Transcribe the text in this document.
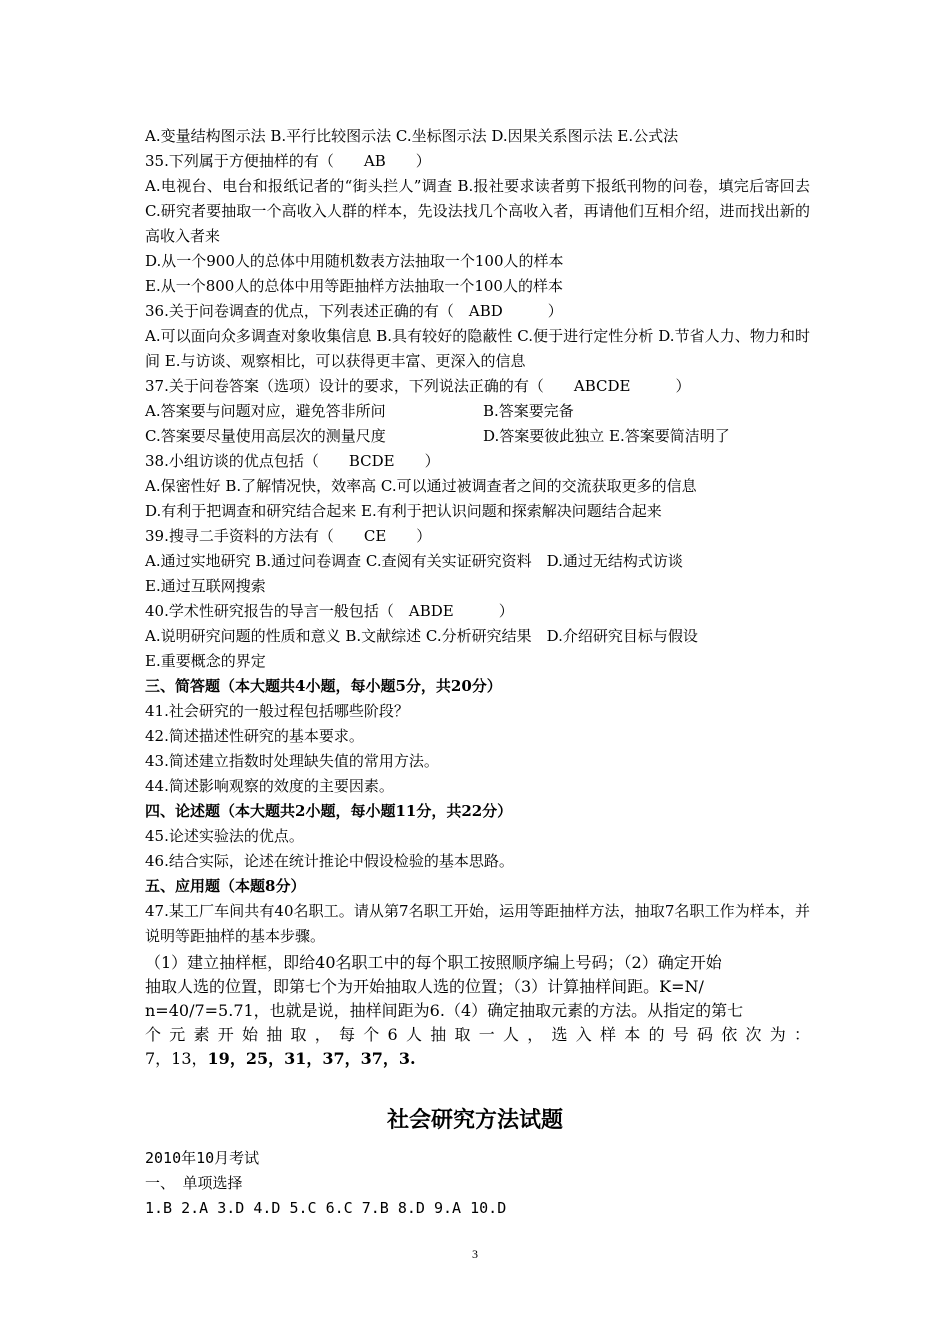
A.变量结构图示法 B.平行比较图示法 C.坐标图示法 D.因果关系图示法 E.公式法
35.下列属于方便抽样的有（　　AB　　）
A.电视台、电台和报纸记者的“街头拦人”调查 B.报社要求读者剪下报纸刊物的问卷，填完后寄回去 C.研究者要抽取一个高收入人群的样本，先设法找几个高收入者，再请他们互相介绍，进而找出新的高收入者来
D.从一个900人的总体中用随机数表方法抽取一个100人的样本
E.从一个800人的总体中用等距抽样方法抽取一个100人的样本
36.关于问卷调查的优点，下列表述正确的有（　ABD　　　）
A.可以面向众多调查对象收集信息 B.具有较好的隐蔽性 C.便于进行定性分析 D.节省人力、物力和时间 E.与访谈、观察相比，可以获得更丰富、更深入的信息
37.关于问卷答案（选项）设计的要求，下列说法正确的有（　　ABCDE　　　）
A.答案要与问题对应，避免答非所问	B.答案要完备
C.答案要尽量使用高层次的测量尺度	D.答案要彼此独立 E.答案要简洁明了
38.小组访谈的优点包括（　　BCDE　　）
A.保密性好 B.了解情况快，效率高 C.可以通过被调查者之间的交流获取更多的信息
D.有利于把调查和研究结合起来 E.有利于把认识问题和探索解决问题结合起来
39.搜寻二手资料的方法有（　　CE　　）
A.通过实地研究 B.通过问卷调查 C.查阅有关实证研究资料　D.通过无结构式访谈
E.通过互联网搜索
40.学术性研究报告的导言一般包括（　ABDE　　　）
A.说明研究问题的性质和意义 B.文献综述 C.分析研究结果　D.介绍研究目标与假设
E.重要概念的界定
三、简答题（本大题共4小题，每小题5分，共20分）
41.社会研究的一般过程包括哪些阶段？
42.简述描述性研究的基本要求。
43.简述建立指数时处理缺失值的常用方法。
44.简述影响观察的效度的主要因素。
四、论述题（本大题共2小题，每小题11分，共22分）
45.论述实验法的优点。
46.结合实际，论述在统计推论中假设检验的基本思路。
五、应用题（本题8分）
47.某工厂车间共有40名职工。请从第7名职工开始，运用等距抽样方法，抽取7名职工作为样本，并说明等距抽样的基本步骤。
（1）建立抽样框，即给40名职工中的每个职工按照顺序编上号码；（2）确定开始
抽取人选的位置，即第七个为开始抽取人选的位置；（3）计算抽样间距。K=N/
n=40/7=5.71，也就是说，抽样间距为6.（4）确定抽取元素的方法。从指定的第七
个元素开始抽取，每个6人抽取一人，选入样本的号码依次为：
7，13，19，25，31，37，37，3.
社会研究方法试题
2010年10月考试
一、　单项选择
1.B 2.A 3.D 4.D 5.C 6.C 7.B 8.D 9.A 10.D
3
